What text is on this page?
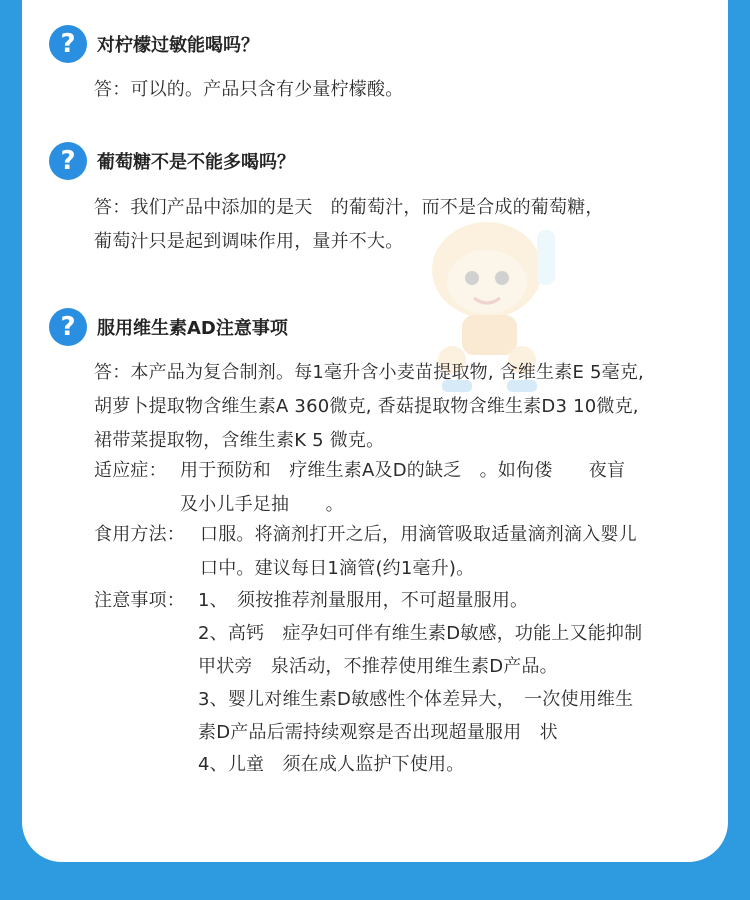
?	对柠檬过敏能喝吗？
答：可以的。产品只含有少量柠檬酸。
?	葡萄糖不是不能多喝吗？
答：我们产品中添加的是天　的葡萄汁，而不是合成的葡萄糖，
葡萄汁只是起到调味作用，量并不大。
?	服用维生素AD注意事项
答：本产品为复合制剂。每1毫升含小麦苗提取物, 含维生素E 5毫克,
胡萝卜提取物含维生素A 360微克, 香菇提取物含维生素D3 10微克,
裙带菜提取物，含维生素K 5 微克。
适应症： 用于预防和　疗维生素A及D的缺乏　。如佝偻　　夜盲　
及小儿手足抽　　。
食用方法： 口服。将滴剂打开之后，用滴管吸取适量滴剂滴入婴儿
口中。建议每日1滴管(约1毫升)。
注意事项： 1、　须按推荐剂量服用，不可超量服用。
2、高钙　症孕妇可伴有维生素D敏感，功能上又能抑制
甲状旁　泉活动，不推荐使用维生素D产品。
3、婴儿对维生素D敏感性个体差异大，　一次使用维生
素D产品后需持续观察是否出现超量服用　状
4、儿童　须在成人监护下使用。
